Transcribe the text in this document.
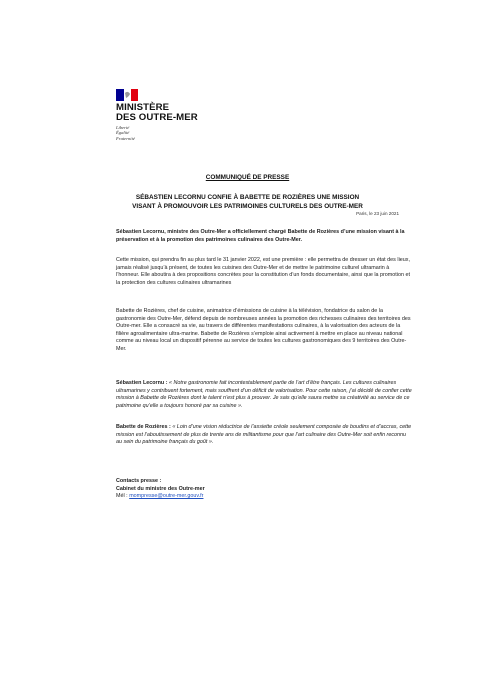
MINISTÈRE
DES OUTRE-MER
Liberté
Égalité
Fraternité
COMMUNIQUÉ DE PRESSE
SÉBASTIEN LECORNU CONFIE À BABETTE DE ROZIÈRES UNE MISSION
VISANT À PROMOUVOIR LES PATRIMOINES CULTURELS DES OUTRE-MER
Paris, le 23 juin 2021
Sébastien Lecornu, ministre des Outre-Mer a officiellement chargé Babette de Rozières d’une mission visant à la préservation et à la promotion des patrimoines culinaires des Outre-Mer.
Cette mission, qui prendra fin au plus tard le 31 janvier 2022, est une première : elle permettra de dresser un état des lieux, jamais réalisé jusqu’à présent, de toutes les cuisines des Outre-Mer et de mettre le patrimoine culturel ultramarin à l’honneur. Elle aboutira à des propositions concrètes pour la constitution d’un fonds documentaire, ainsi que la promotion et la protection des cultures culinaires ultramarines
Babette de Rozières, chef de cuisine, animatrice d’émissions de cuisine à la télévision, fondatrice du salon de la gastronomie des Outre-Mer, défend depuis de nombreuses années la promotion des richesses culinaires des territoires des Outre-mer. Elle a consacré sa vie, au travers de différentes manifestations culinaires, à la valorisation des acteurs de la filière agroalimentaire ultra-marine. Babette de Rozières s’emploie ainsi activement à mettre en place au niveau national comme au niveau local un dispositif pérenne au service de toutes les cultures gastronomiques des 9 territoires des Outre-Mer.
Sébastien Lecornu : « Notre gastronomie fait incontestablement partie de l’art d’être français. Les cultures culinaires ultramarines y contribuent fortement, mais souffrent d’un déficit de valorisation. Pour cette raison, j’ai décidé de confier cette mission à Babette de Rozières dont le talent n’est plus à prouver. Je sais qu’elle saura mettre sa créativité au service de ce patrimoine qu’elle a toujours honoré par sa cuisine ».
Babette de Rozières : « Loin d’une vision réductrice de l’assiette créole seulement composée de boudins et d’accras, cette mission est l’aboutissement de plus de trente ans de militantisme pour que l’art culinaire des Outre-Mer soit enfin reconnu au sein du patrimoine français du goût ».
Contacts presse :
Cabinet du ministre des Outre-mer
Mél : mompresse@outre-mer.gouv.fr
